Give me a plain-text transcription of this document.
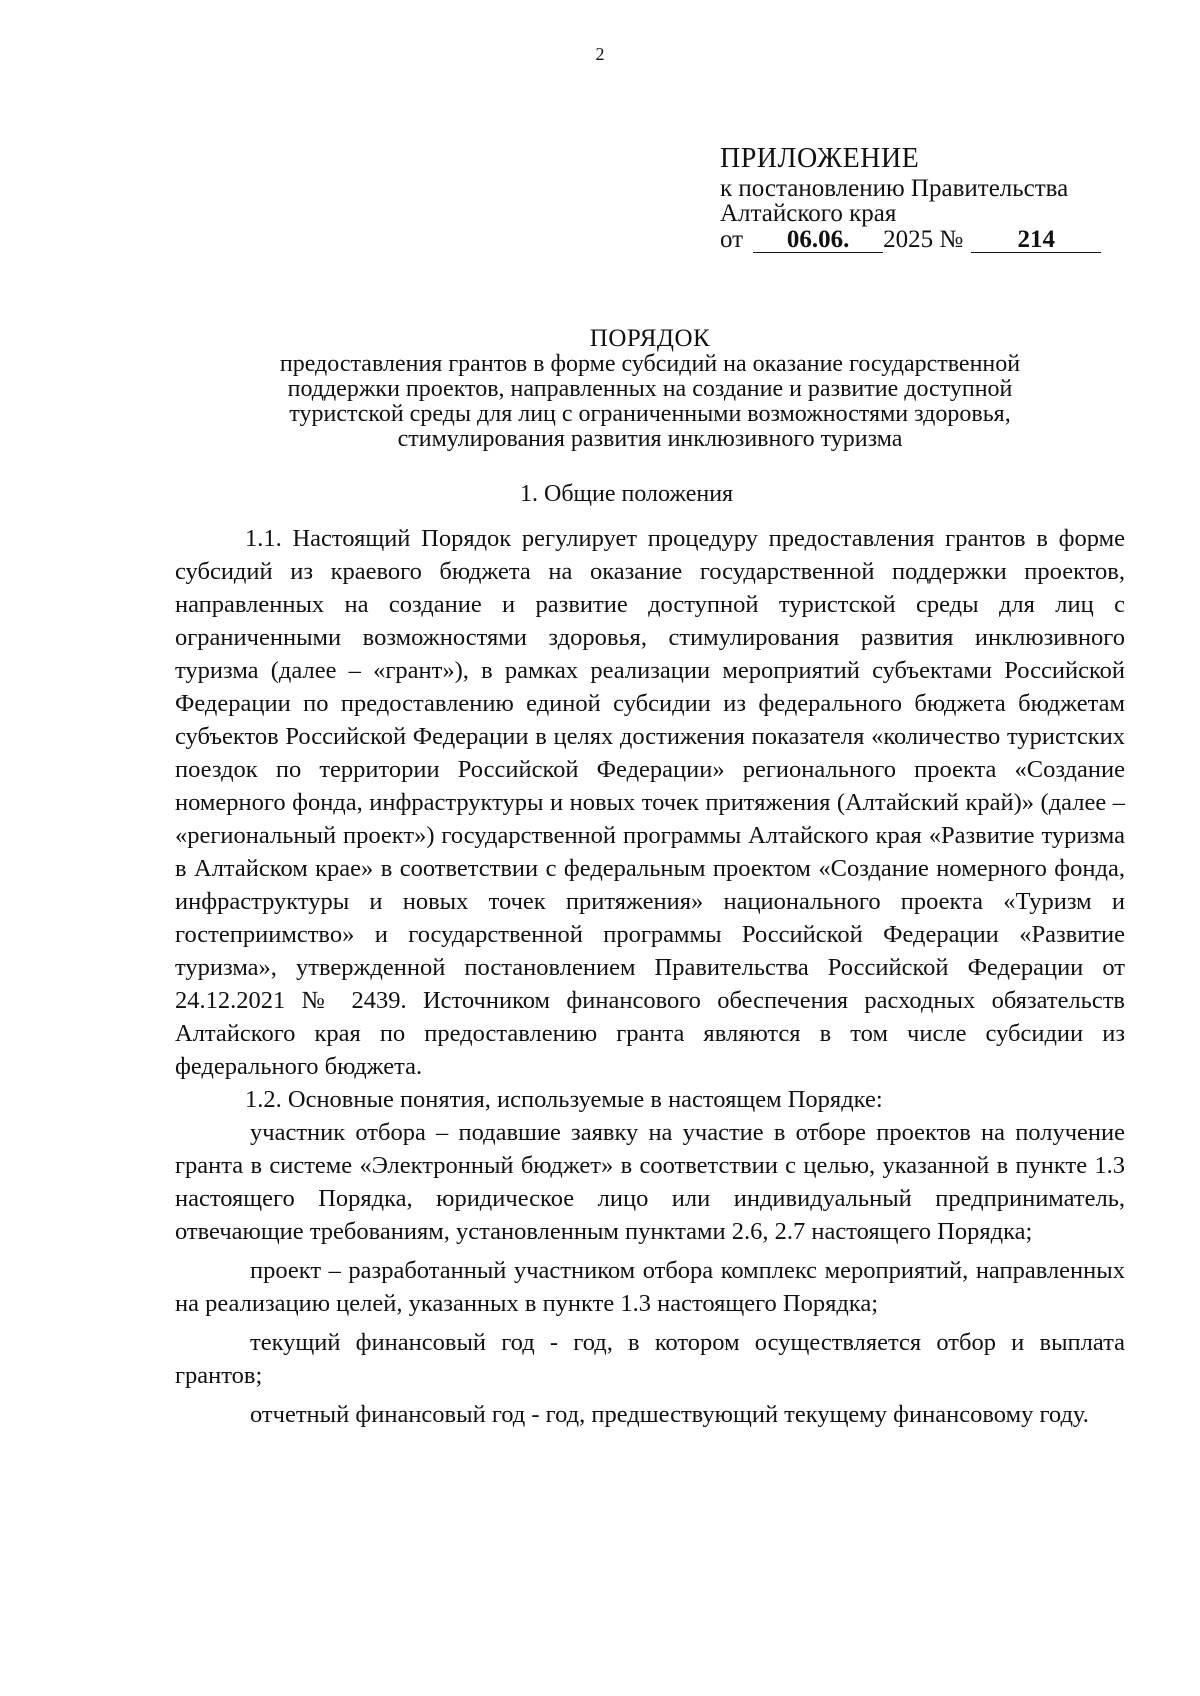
2
ПРИЛОЖЕНИЕ
к постановлению Правительства
Алтайского края
от 06.06. 2025 № 214
ПОРЯДОК
предоставления грантов в форме субсидий на оказание государственной
поддержки проектов, направленных на создание и развитие доступной
туристской среды для лиц с ограниченными возможностями здоровья,
стимулирования развития инклюзивного туризма
1. Общие положения

1.1. Настоящий Порядок регулирует процедуру предоставления грантов в форме субсидий из краевого бюджета на оказание государственной поддержки проектов, направленных на создание и развитие доступной туристской среды для лиц с ограниченными возможностями здоровья, стимулирования развития инклюзивного туризма (далее – «грант»), в рамках реализации мероприятий субъектами Российской Федерации по предоставлению единой субсидии из федерального бюджета бюджетам субъектов Российской Федерации в целях достижения показателя «количество туристских поездок по территории Российской Федерации» регионального проекта «Создание номерного фонда, инфраструктуры и новых точек притяжения (Алтайский край)» (далее – «региональный проект») государственной программы Алтайского края «Развитие туризма в Алтайском крае» в соответствии с федеральным проектом «Создание номерного фонда, инфраструктуры и новых точек притяжения» национального проекта «Туризм и гостеприимство» и государственной программы Российской Федерации «Развитие туризма», утвержденной постановлением Правительства Российской Федерации от 24.12.2021 № 2439. Источником финансового обеспечения расходных обязательств Алтайского края по предоставлению гранта являются в том числе субсидии из федерального бюджета.

1.2. Основные понятия, используемые в настоящем Порядке:

участник отбора – подавшие заявку на участие в отборе проектов на получение гранта в системе «Электронный бюджет» в соответствии с целью, указанной в пункте 1.3 настоящего Порядка, юридическое лицо или индивидуальный предприниматель, отвечающие требованиям, установленным пунктами 2.6, 2.7 настоящего Порядка;

проект – разработанный участником отбора комплекс мероприятий, направленных на реализацию целей, указанных в пункте 1.3 настоящего Порядка;

текущий финансовый год - год, в котором осуществляется отбор и выплата грантов;

отчетный финансовый год - год, предшествующий текущему финансовому году.
